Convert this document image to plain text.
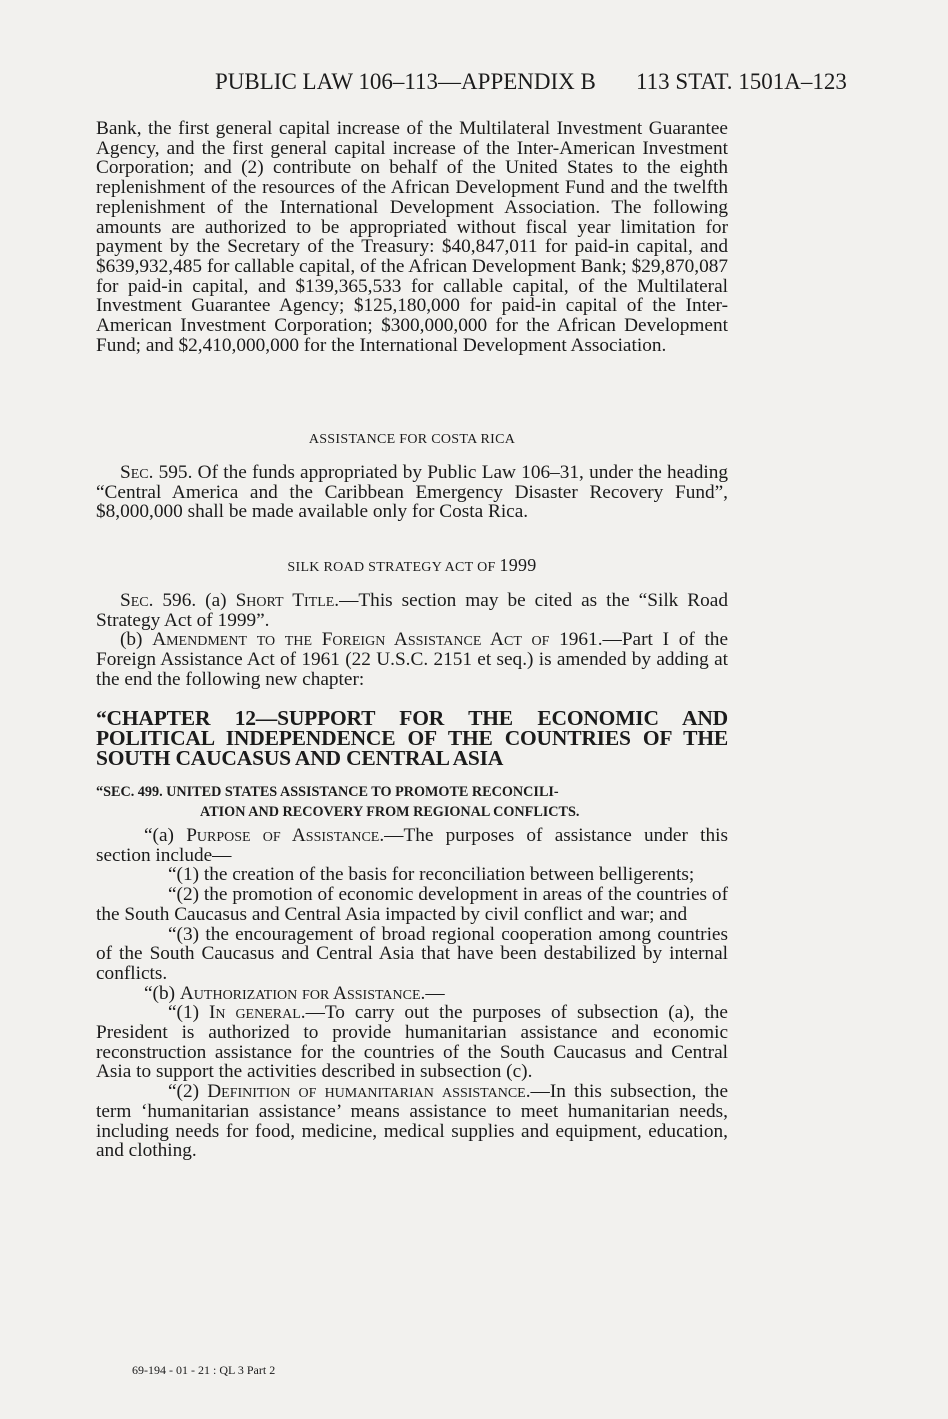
PUBLIC LAW 106–113—APPENDIX B 113 STAT. 1501A–123
Bank, the first general capital increase of the Multilateral Investment Guarantee Agency, and the first general capital increase of the Inter-American Investment Corporation; and (2) contribute on behalf of the United States to the eighth replenishment of the resources of the African Development Fund and the twelfth replenishment of the International Development Association. The following amounts are authorized to be appropriated without fiscal year limitation for payment by the Secretary of the Treasury: $40,847,011 for paid-in capital, and $639,932,485 for callable capital, of the African Development Bank; $29,870,087 for paid-in capital, and $139,365,533 for callable capital, of the Multilateral Investment Guarantee Agency; $125,180,000 for paid-in capital of the Inter-American Investment Corporation; $300,000,000 for the African Development Fund; and $2,410,000,000 for the International Development Association.
ASSISTANCE FOR COSTA RICA

Sec. 595. Of the funds appropriated by Public Law 106–31, under the heading “Central America and the Caribbean Emergency Disaster Recovery Fund”, $8,000,000 shall be made available only for Costa Rica.

SILK ROAD STRATEGY ACT OF 1999

Sec. 596. (a) Short Title.—This section may be cited as the “Silk Road Strategy Act of 1999”.

(b) Amendment to the Foreign Assistance Act of 1961.—Part I of the Foreign Assistance Act of 1961 (22 U.S.C. 2151 et seq.) is amended by adding at the end the following new chapter:

“CHAPTER 12—SUPPORT FOR THE ECONOMIC AND POLITICAL INDEPENDENCE OF THE COUNTRIES OF THE SOUTH CAUCASUS AND CENTRAL ASIA
“SEC. 499. UNITED STATES ASSISTANCE TO PROMOTE RECONCILI-
ATION AND RECOVERY FROM REGIONAL CONFLICTS.

“(a) Purpose of Assistance.—The purposes of assistance under this section include—

“(1) the creation of the basis for reconciliation between belligerents;

“(2) the promotion of economic development in areas of the countries of the South Caucasus and Central Asia impacted by civil conflict and war; and

“(3) the encouragement of broad regional cooperation among countries of the South Caucasus and Central Asia that have been destabilized by internal conflicts.

“(b) Authorization for Assistance.—

“(1) In general.—To carry out the purposes of subsection (a), the President is authorized to provide humanitarian assistance and economic reconstruction assistance for the countries of the South Caucasus and Central Asia to support the activities described in subsection (c).

“(2) Definition of humanitarian assistance.—In this subsection, the term ‘humanitarian assistance’ means assistance to meet humanitarian needs, including needs for food, medicine, medical supplies and equipment, education, and clothing.

69-194 - 01 - 21 : QL 3 Part 2
